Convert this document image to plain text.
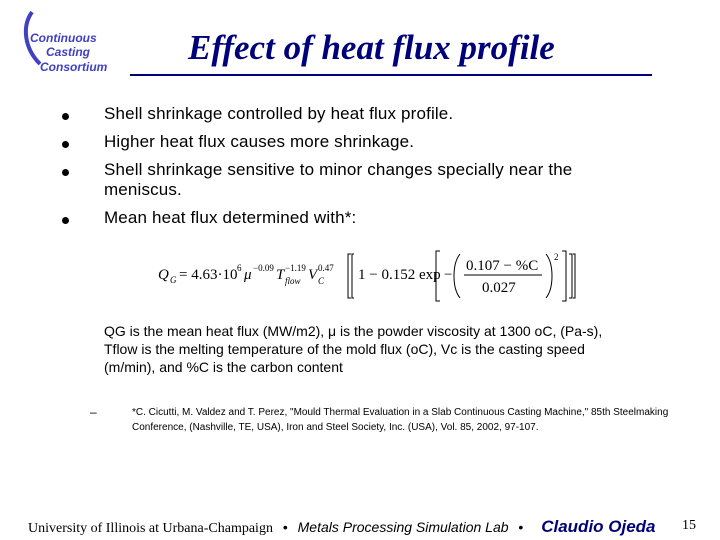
Continuous
Casting
Consortium Effect of heat flux profile
Shell shrinkage controlled by heat flux profile.
Higher heat flux causes more shrinkage.
Shell shrinkage sensitive to minor changes specially near the
meniscus.
Mean heat flux determined with*:
Q G = 4.63·10 6 μ −0.09 T −1.19
flow V C
0.47 1 − 0.152 exp −
0.107 − %C
0.027
2
QG is the mean heat flux (MW/m2), μ is the powder viscosity at 1300 oC, (Pa-s),
Tflow is the melting temperature of the mold flux (oC), Vc is the casting speed
(m/min), and %C is the carbon content
–	*C. Cicutti, M. Valdez and T. Perez, "Mould Thermal Evaluation in a Slab Continuous Casting Machine," 85th Steelmaking Conference, (Nashville, TE, USA), Iron and Steel Society, Inc. (USA), Vol. 85, 2002, 97-107.
University of Illinois at Urbana-Champaign • Metals Processing Simulation Lab • Claudio Ojeda	15
